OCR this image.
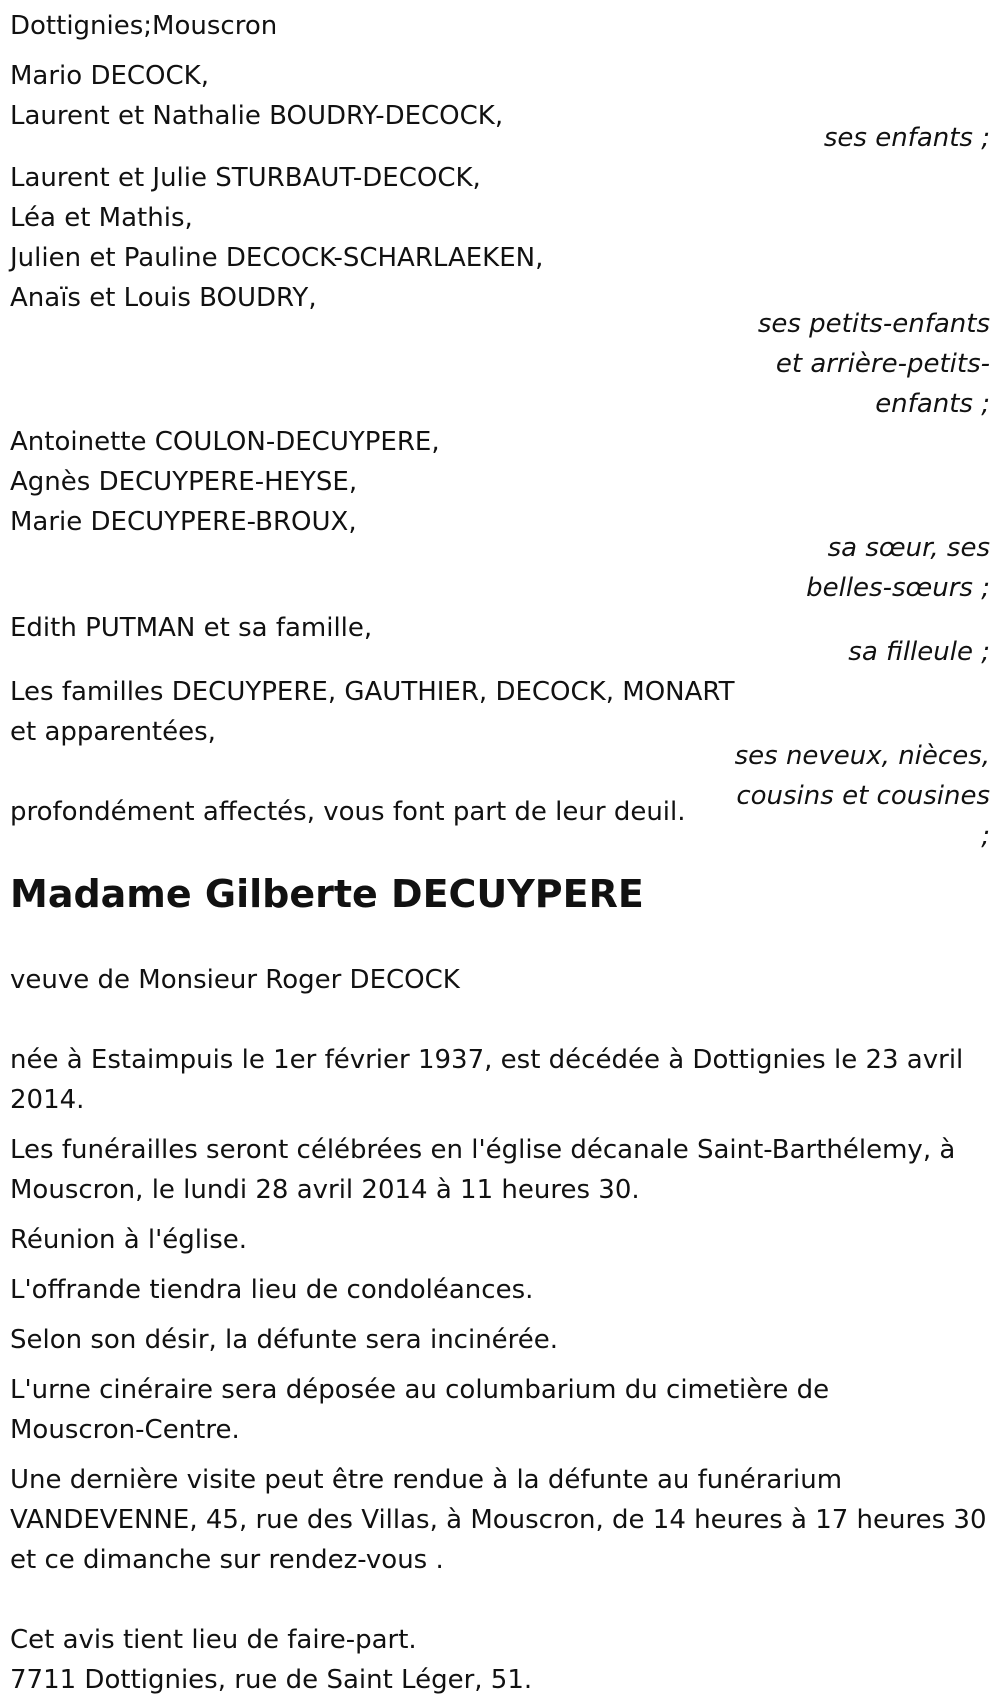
Dottignies;Mouscron

Mario DECOCK,

Laurent et Nathalie BOUDRY-DECOCK,

ses enfants ;

Laurent et Julie STURBAUT-DECOCK,

Léa et Mathis,

Julien et Pauline DECOCK-SCHARLAEKEN,

Anaïs et Louis BOUDRY,

ses petits-enfants

et arrière-petits-

enfants ;

Antoinette COULON-DECUYPERE,

Agnès DECUYPERE-HEYSE,

Marie DECUYPERE-BROUX,

sa sœur, ses

belles-sœurs ;

Edith PUTMAN et sa famille,

sa filleule ;

Les familles DECUYPERE, GAUTHIER, DECOCK, MONART

et apparentées,

ses neveux, nièces,

cousins et cousines

;

profondément affectés, vous font part de leur deuil.

Madame Gilberte DECUYPERE

veuve de Monsieur Roger DECOCK

née à Estaimpuis le 1er février 1937, est décédée à Dottignies le 23 avril

2014.

Les funérailles seront célébrées en l'église décanale Saint-Barthélemy, à

Mouscron, le lundi 28 avril 2014 à 11 heures 30.

Réunion à l'église.

L'offrande tiendra lieu de condoléances.

Selon son désir, la défunte sera incinérée.

L'urne cinéraire sera déposée au columbarium du cimetière de

Mouscron-Centre.

Une dernière visite peut être rendue à la défunte au funérarium

VANDEVENNE, 45, rue des Villas, à Mouscron, de 14 heures à 17 heures 30

et ce dimanche sur rendez-vous .

Cet avis tient lieu de faire-part.

7711 Dottignies, rue de Saint Léger, 51.
